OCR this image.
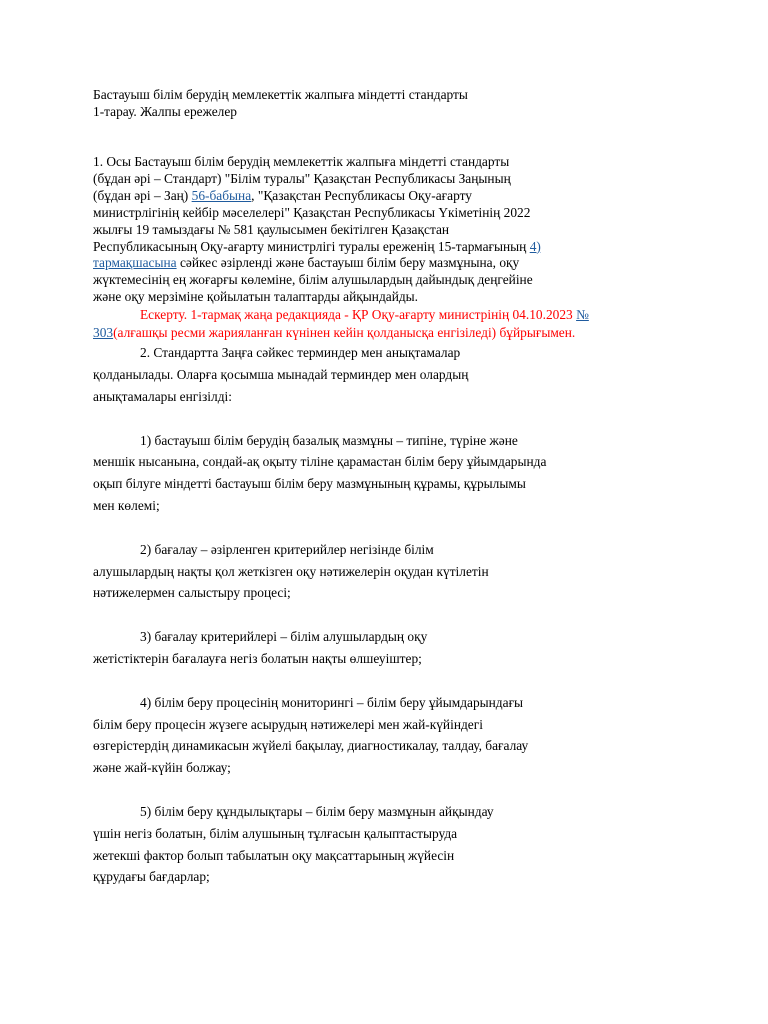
Бастауыш білім берудің мемлекеттік жалпыға міндетті стандарты

1-тарау. Жалпы ережелер

1. Осы Бастауыш білім берудің мемлекеттік жалпыға міндетті стандарты (бұдан әрі – Стандарт) "Білім туралы" Қазақстан Республикасы Заңының (бұдан әрі – Заң) 56-бабына, "Қазақстан Республикасы Оқу-ағарту министрлігінің кейбір мәселелері" Қазақстан Республикасы Үкіметінің 2022 жылғы 19 тамыздағы № 581 қаулысымен бекітілген Қазақстан Республикасының Оқу-ағарту министрлігі туралы ереженің 15-тармағының 4) тармақшасына сәйкес әзірленді және бастауыш білім беру мазмұнына, оқу жүктемесінің ең жоғарғы көлеміне, білім алушылардың дайындық деңгейіне және оқу мерзіміне қойылатын талаптарды айқындайды.

Ескерту. 1-тармақ жаңа редакцияда - ҚР Оқу-ағарту министрінің 04.10.2023 № 303(алғашқы ресми жарияланған күнінен кейін қолданысқа енгізіледі) бұйрығымен.

2. Стандартта Заңға сәйкес терминдер мен анықтамалар қолданылады. Оларға қосымша мынадай терминдер мен олардың анықтамалары енгізілді:

1) бастауыш білім берудің базалық мазмұны – типіне, түріне және меншік нысанына, сондай-ақ оқыту тіліне қарамастан білім беру ұйымдарында оқып білуге міндетті бастауыш білім беру мазмұнының құрамы, құрылымы мен көлемі;

2) бағалау – әзірленген критерийлер негізінде білім алушылардың нақты қол жеткізген оқу нәтижелерін оқудан күтілетін нәтижелермен салыстыру процесі;

3) бағалау критерийлері – білім алушылардың оқу жетістіктерін бағалауға негіз болатын нақты өлшеуіштер;

4) білім беру процесінің мониторингі – білім беру ұйымдарындағы білім беру процесін жүзеге асырудың нәтижелері мен жай-күйіндегі өзгерістердің динамикасын жүйелі бақылау, диагностикалау, талдау, бағалау және жай-күйін болжау;

5) білім беру құндылықтары – білім беру мазмұнын айқындау үшін негіз болатын, білім алушының тұлғасын қалыптастыруда жетекші фактор болып табылатын оқу мақсаттарының жүйесін құрудағы бағдарлар;
